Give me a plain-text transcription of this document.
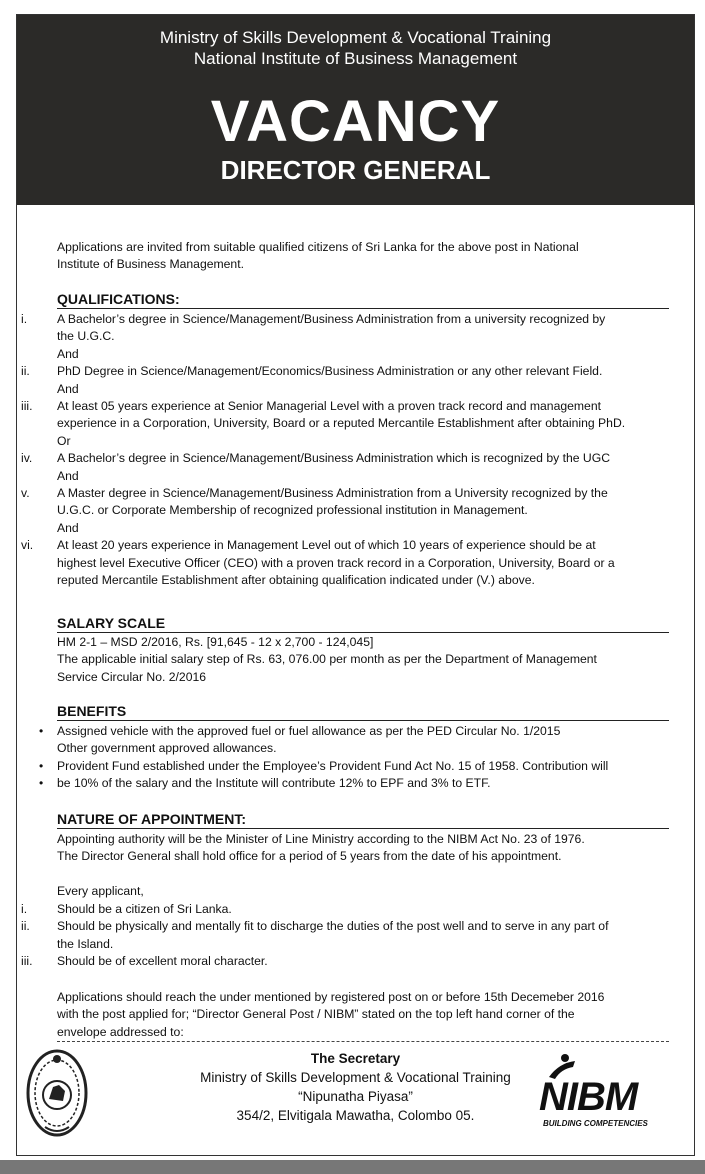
Ministry of Skills Development & Vocational Training
National Institute of Business Management
VACANCY
DIRECTOR GENERAL
Applications are invited from suitable qualified citizens of Sri Lanka for the above post in National
Institute of Business Management.
QUALIFICATIONS:
i.	A Bachelor’s degree in Science/Management/Business Administration from a university recognized by
the U.G.C.
And
ii.	PhD Degree in Science/Management/Economics/Business Administration or any other relevant Field.
And
iii.	At least 05 years experience at Senior Managerial Level with a proven track record and management
experience in a Corporation, University, Board or a reputed Mercantile Establishment after obtaining PhD.
Or
iv.	A Bachelor’s degree in Science/Management/Business Administration which is recognized by the UGC
And
v.	A Master degree in Science/Management/Business Administration from a University recognized by the
U.G.C. or Corporate Membership of recognized professional institution in Management.
And
vi.	At least 20 years experience in Management Level out of which 10 years of experience should be at
highest level Executive Officer (CEO) with a proven track record in a Corporation, University, Board or a
reputed Mercantile Establishment after obtaining qualification indicated under (V.) above.
SALARY SCALE
HM 2-1 – MSD 2/2016, Rs. [91,645 - 12 x 2,700 - 124,045]
The applicable initial salary step of Rs. 63, 076.00 per month as per the Department of Management
Service Circular No. 2/2016
BENEFITS
• Assigned vehicle with the approved fuel or fuel allowance as per the PED Circular No. 1/2015
Other government approved allowances.
• Provident Fund established under the Employee’s Provident Fund Act No. 15 of 1958. Contribution will
• be 10% of the salary and the Institute will contribute 12% to EPF and 3% to ETF.
NATURE OF APPOINTMENT:
Appointing authority will be the Minister of Line Ministry according to the NIBM Act No. 23 of 1976.
The Director General shall hold office for a period of 5 years from the date of his appointment.
Every applicant,
i.	Should be a citizen of Sri Lanka.
ii.	Should be physically and mentally fit to discharge the duties of the post well and to serve in any part of
the Island.
iii.	Should be of excellent moral character.
Applications should reach the under mentioned by registered post on or before 15th Decemeber 2016
with the post applied for; “Director General Post / NIBM” stated on the top left hand corner of the
envelope addressed to:
The Secretary
Ministry of Skills Development & Vocational Training
“Nipunatha Piyasa”
354/2, Elvitigala Mawatha, Colombo 05.	NIBM
BUILDING COMPETENCIES
